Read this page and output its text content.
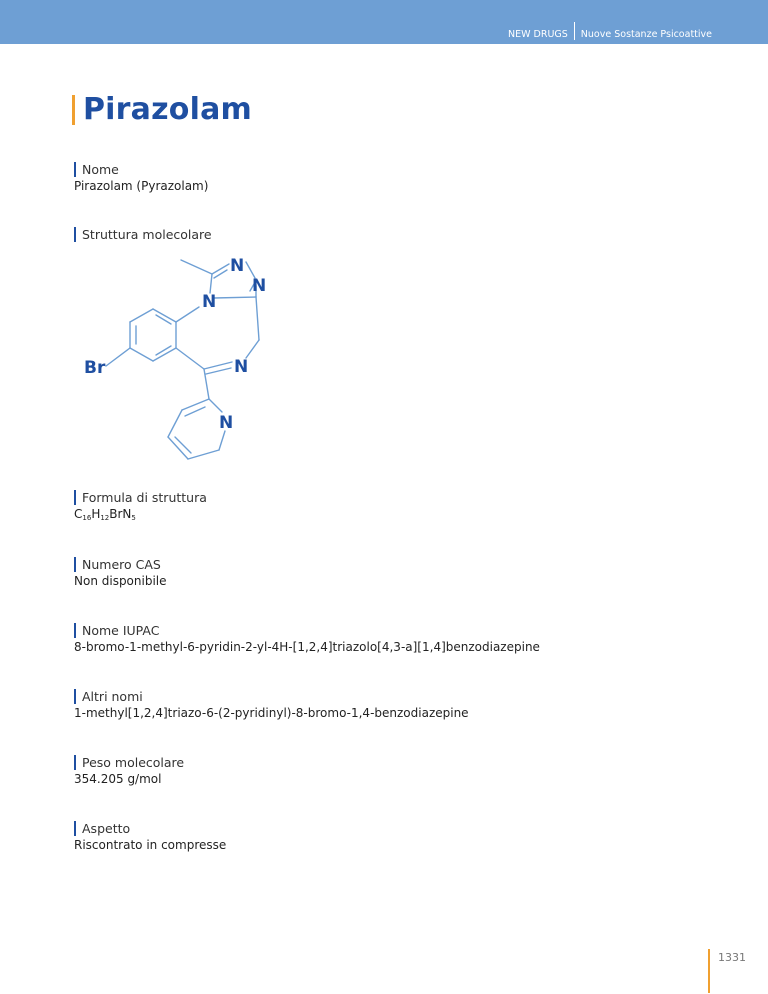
NEW DRUGS Nuove Sostanze Psicoattive
Pirazolam
Nome
Pirazolam (Pyrazolam)
Struttura molecolare
N
N
N
N
N
Br
Formula di struttura
$C_{16}H_{12}BrN_5$
Numero CAS
Non disponibile
Nome IUPAC
8-bromo-1-methyl-6-pyridin-2-yl-4H-[1,2,4]triazolo[4,3-a][1,4]benzodiazepine
Altri nomi
1-methyl[1,2,4]triazo-6-(2-pyridinyl)-8-bromo-1,4-benzodiazepine
Peso molecolare
354.205 g/mol
Aspetto
Riscontrato in compresse
1331
